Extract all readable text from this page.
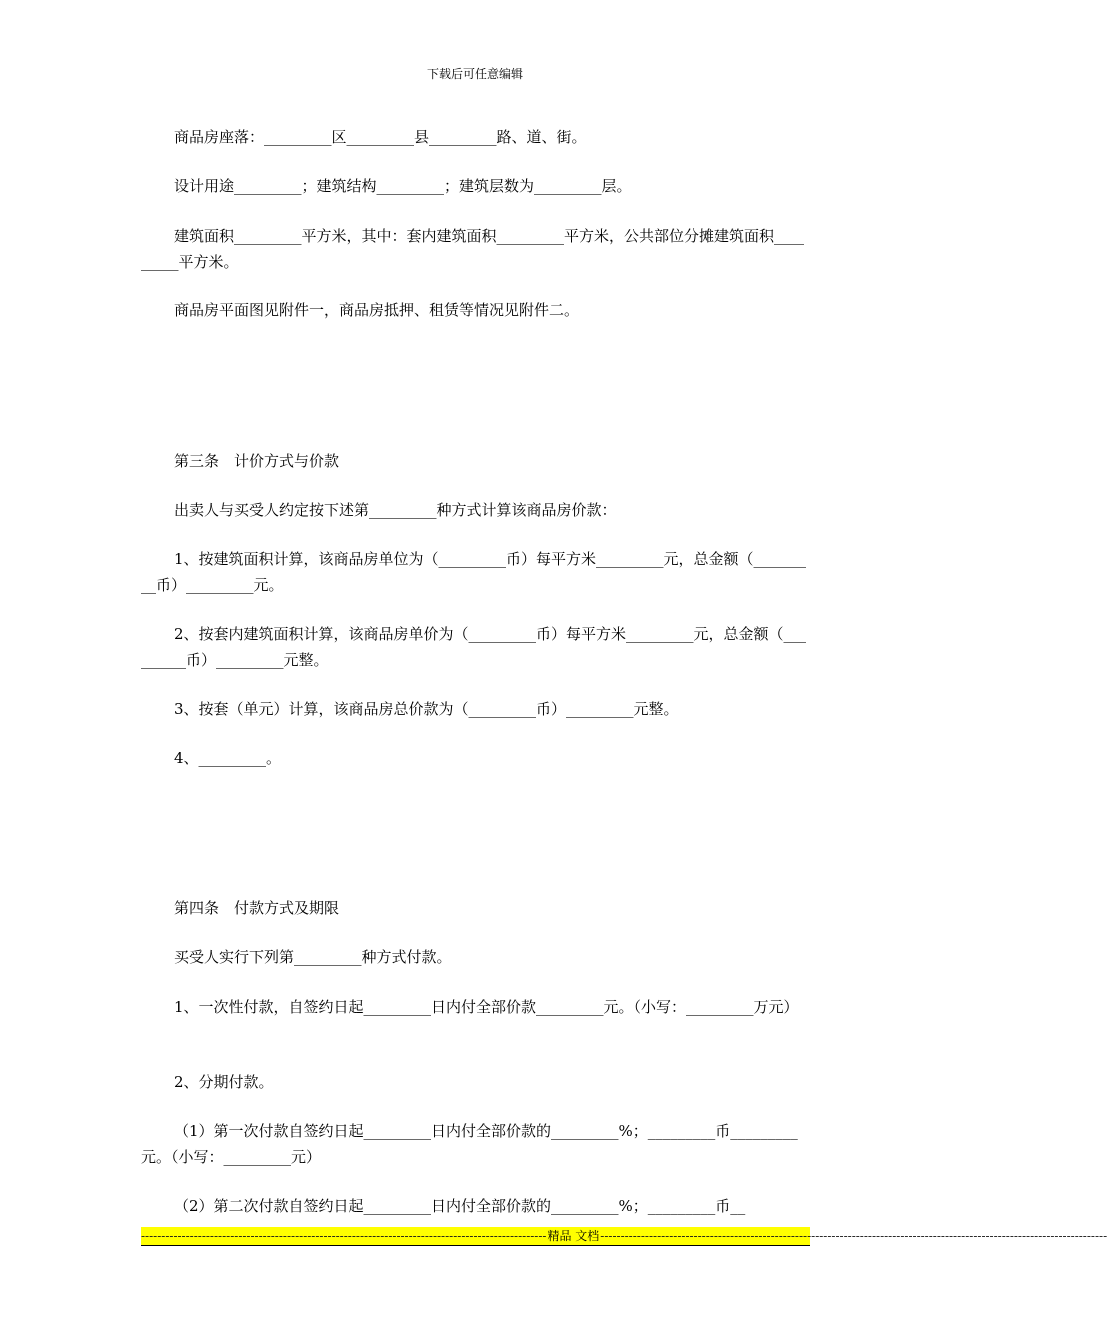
下载后可任意编辑
商品房座落：_________区_________县_________路、道、街。
设计用途_________；建筑结构_________；建筑层数为_________层。
建筑面积_________平方米，其中：套内建筑面积_________平方米，公共部位分摊建筑面积_________平方米。
商品房平面图见附件一，商品房抵押、租赁等情况见附件二。
第三条　计价方式与价款
出卖人与买受人约定按下述第_________种方式计算该商品房价款：
1、按建筑面积计算，该商品房单位为（_________币）每平方米_________元，总金额（_________币）_________元。
2、按套内建筑面积计算，该商品房单价为（_________币）每平方米_________元，总金额（_________币）_________元整。
3、按套（单元）计算，该商品房总价款为（_________币）_________元整。
4、_________。
第四条　付款方式及期限
买受人实行下列第_________种方式付款。
1、一次性付款，自签约日起_________日内付全部价款_________元。（小写：_________万元）
2、分期付款。
（1）第一次付款自签约日起_________日内付全部价款的_________%；_________币_________元。（小写：_________元）
（2）第二次付款自签约日起_________日内付全部价款的_________%；_________币__
---------------------------------------------------------------------------------------------------- 精品 文档 -----------------------------------------------------------------------------------------------------------------------------
